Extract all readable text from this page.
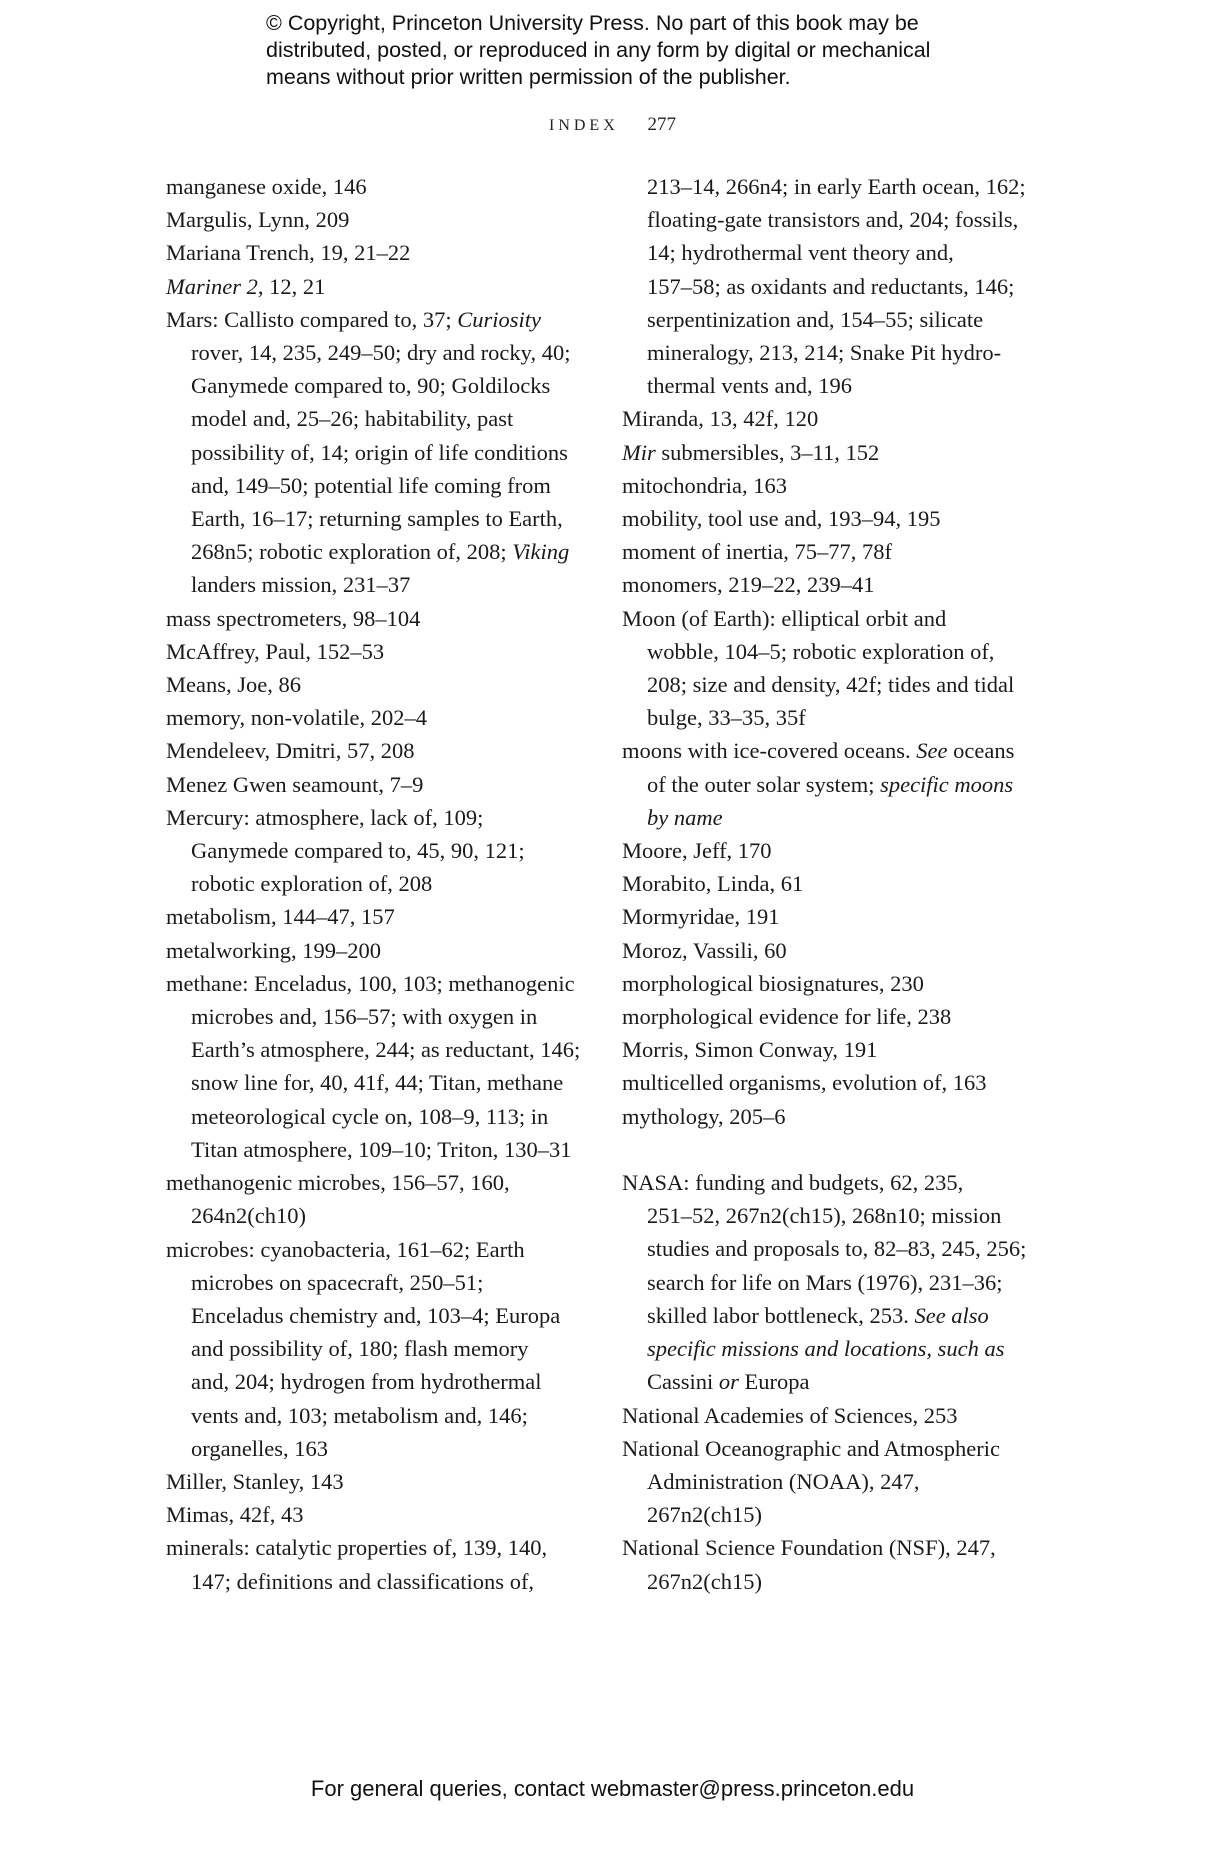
© Copyright, Princeton University Press. No part of this book may be
distributed, posted, or reproduced in any form by digital or mechanical
means without prior written permission of the publisher.
INDEX 277
manganese oxide, 146
Margulis, Lynn, 209
Mariana Trench, 19, 21–22
Mariner 2, 12, 21
Mars: Callisto compared to, 37; Curiosity
rover, 14, 235, 249–50; dry and rocky, 40;
Ganymede compared to, 90; Goldilocks
model and, 25–26; habitability, past
possibility of, 14; origin of life conditions
and, 149–50; potential life coming from
Earth, 16–17; returning samples to Earth,
268n5; robotic exploration of, 208; Viking
landers mission, 231–37
mass spectrometers, 98–104
McAffrey, Paul, 152–53
Means, Joe, 86
memory, non-volatile, 202–4
Mendeleev, Dmitri, 57, 208
Menez Gwen seamount, 7–9
Mercury: atmosphere, lack of, 109;
Ganymede compared to, 45, 90, 121;
robotic exploration of, 208
metabolism, 144–47, 157
metalworking, 199–200
methane: Enceladus, 100, 103; methanogenic
microbes and, 156–57; with oxygen in
Earth’s atmosphere, 244; as reductant, 146;
snow line for, 40, 41f, 44; Titan, methane
meteorological cycle on, 108–9, 113; in
Titan atmosphere, 109–10; Triton, 130–31
methanogenic microbes, 156–57, 160,
264n2(ch10)
microbes: cyanobacteria, 161–62; Earth
microbes on spacecraft, 250–51;
Enceladus chemistry and, 103–4; Europa
and possibility of, 180; flash memory
and, 204; hydrogen from hydrothermal
vents and, 103; metabolism and, 146;
organelles, 163
Miller, Stanley, 143
Mimas, 42f, 43
minerals: catalytic properties of, 139, 140,
147; definitions and classifications of,
213–14, 266n4; in early Earth ocean, 162;
floating-gate transistors and, 204; fossils,
14; hydrothermal vent theory and,
157–58; as oxidants and reductants, 146;
serpentinization and, 154–55; silicate
mineralogy, 213, 214; Snake Pit hydro-
thermal vents and, 196
Miranda, 13, 42f, 120
Mir submersibles, 3–11, 152
mitochondria, 163
mobility, tool use and, 193–94, 195
moment of inertia, 75–77, 78f
monomers, 219–22, 239–41
Moon (of Earth): elliptical orbit and
wobble, 104–5; robotic exploration of,
208; size and density, 42f; tides and tidal
bulge, 33–35, 35f
moons with ice-covered oceans. See oceans
of the outer solar system; specific moons
by name
Moore, Jeff, 170
Morabito, Linda, 61
Mormyridae, 191
Moroz, Vassili, 60
morphological biosignatures, 230
morphological evidence for life, 238
Morris, Simon Conway, 191
multicelled organisms, evolution of, 163
mythology, 205–6
NASA: funding and budgets, 62, 235,
251–52, 267n2(ch15), 268n10; mission
studies and proposals to, 82–83, 245, 256;
search for life on Mars (1976), 231–36;
skilled labor bottleneck, 253. See also
specific missions and locations, such as
Cassini or Europa
National Academies of Sciences, 253
National Oceanographic and Atmospheric
Administration (NOAA), 247,
267n2(ch15)
National Science Foundation (NSF), 247,
267n2(ch15)
For general queries, contact webmaster@press.princeton.edu
